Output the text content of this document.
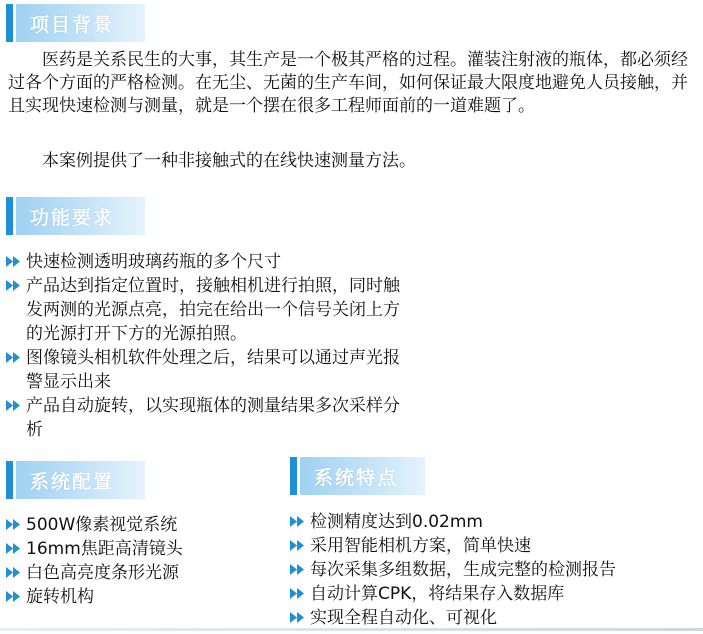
项目背景

医药是关系民生的大事，其生产是一个极其严格的过程。灌装注射液的瓶体，都必须经过各个方面的严格检测。在无尘、无菌的生产车间，如何保证最大限度地避免人员接触，并且实现快速检测与测量，就是一个摆在很多工程师面前的一道难题了。

本案例提供了一种非接触式的在线快速测量方法。

功能要求
快速检测透明玻璃药瓶的多个尺寸
产品达到指定位置时，接触相机进行拍照，同时触发两测的光源点亮，拍完在给出一个信号关闭上方的光源打开下方的光源拍照。
图像镜头相机软件处理之后，结果可以通过声光报警显示出来
产品自动旋转，以实现瓶体的测量结果多次采样分析
系统配置
500W像素视觉系统
16mm焦距高清镜头
白色高亮度条形光源
旋转机构
系统特点
检测精度达到0.02mm
采用智能相机方案，简单快速
每次采集多组数据，生成完整的检测报告
自动计算CPK，将结果存入数据库
实现全程自动化、可视化
